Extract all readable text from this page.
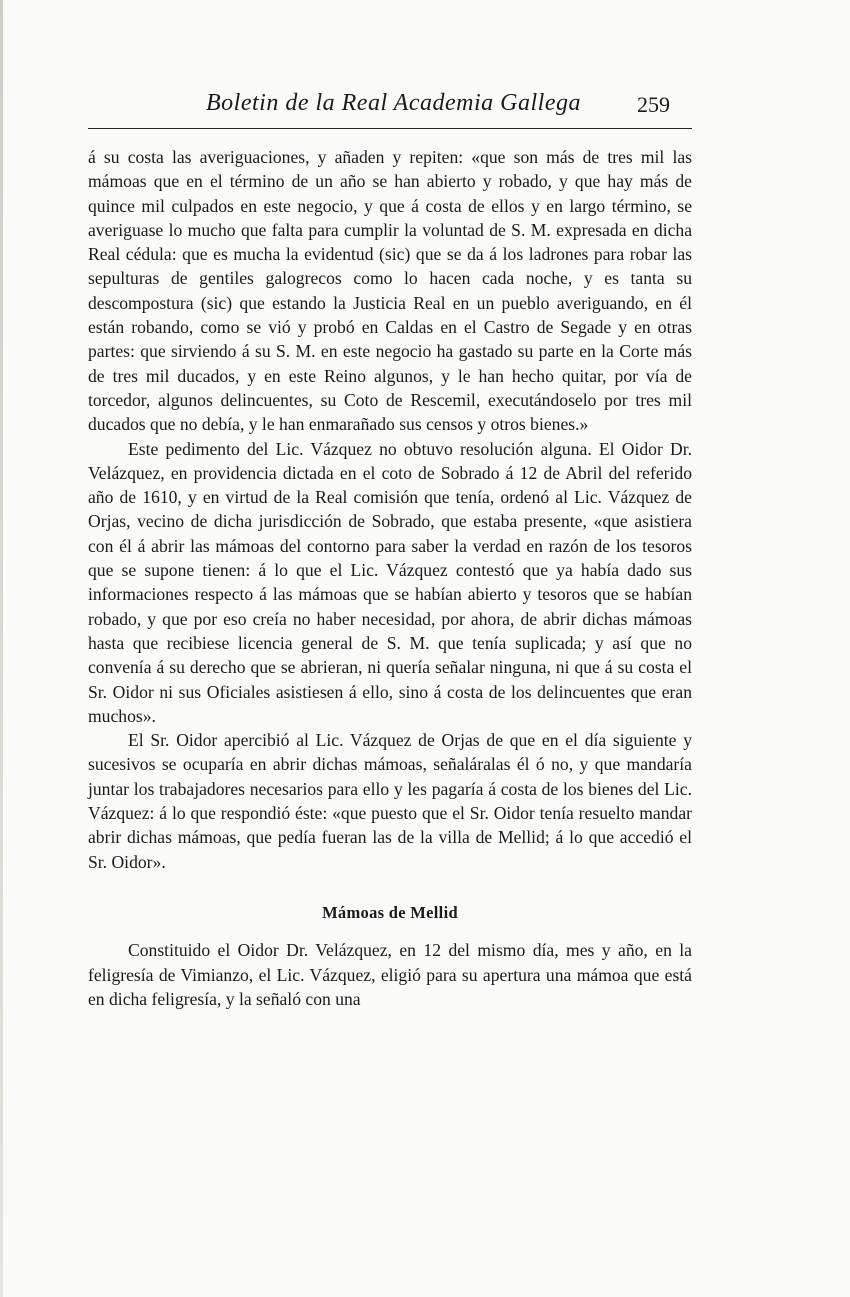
Boletin de la Real Academia Gallega	259

á su costa las averiguaciones, y añaden y repiten: «que son más de tres mil las mámoas que en el término de un año se han abierto y robado, y que hay más de quince mil culpados en este negocio, y que á costa de ellos y en largo término, se averiguase lo mucho que falta para cumplir la voluntad de S. M. expresada en dicha Real cédula: que es mucha la evidentud (sic) que se da á los ladrones para robar las sepulturas de gentiles galogrecos como lo hacen cada noche, y es tanta su descompostura (sic) que estando la Justicia Real en un pueblo averiguando, en él están robando, como se vió y probó en Caldas en el Castro de Segade y en otras partes: que sirviendo á su S. M. en este negocio ha gastado su parte en la Corte más de tres mil ducados, y en este Reino algunos, y le han hecho quitar, por vía de torcedor, algunos delincuentes, su Coto de Rescemil, executándoselo por tres mil ducados que no debía, y le han enmarañado sus censos y otros bienes.»

Este pedimento del Lic. Vázquez no obtuvo resolución alguna. El Oidor Dr. Velázquez, en providencia dictada en el coto de Sobrado á 12 de Abril del referido año de 1610, y en virtud de la Real comisión que tenía, ordenó al Lic. Vázquez de Orjas, vecino de dicha jurisdicción de Sobrado, que estaba presente, «que asistiera con él á abrir las mámoas del contorno para saber la verdad en razón de los tesoros que se supone tienen: á lo que el Lic. Vázquez contestó que ya había dado sus informaciones respecto á las mámoas que se habían abierto y tesoros que se habían robado, y que por eso creía no haber necesidad, por ahora, de abrir dichas mámoas hasta que recibiese licencia general de S. M. que tenía suplicada; y así que no convenía á su derecho que se abrieran, ni quería señalar ninguna, ni que á su costa el Sr. Oidor ni sus Oficiales asistiesen á ello, sino á costa de los delincuentes que eran muchos».

El Sr. Oidor apercibió al Lic. Vázquez de Orjas de que en el día siguiente y sucesivos se ocuparía en abrir dichas mámoas, señaláralas él ó no, y que mandaría juntar los trabajadores necesarios para ello y les pagaría á costa de los bienes del Lic. Vázquez: á lo que respondió éste: «que puesto que el Sr. Oidor tenía resuelto mandar abrir dichas mámoas, que pedía fueran las de la villa de Mellid; á lo que accedió el Sr. Oidor».

Mámoas de Mellid

Constituido el Oidor Dr. Velázquez, en 12 del mismo día, mes y año, en la feligresía de Vimianzo, el Lic. Vázquez, eligió para su apertura una mámoa que está en dicha feligresía, y la señaló con una
